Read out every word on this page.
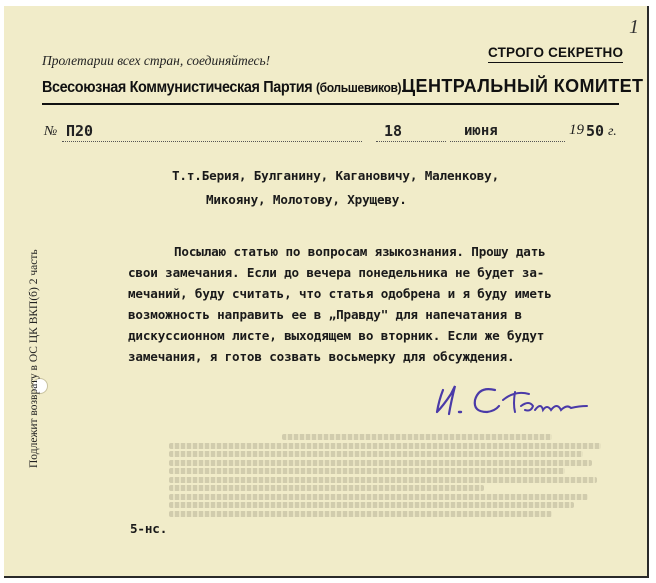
1
Пролетарии всех стран, соединяйтесь!
СТРОГО СЕКРЕТНО
Всесоюзная Коммунистическая Партия (большевиков).
ЦЕНТРАЛЬНЫЙ КОМИТЕТ
№ П20	18	июня	19 50 г.
Т.т.Берия, Булганину, Кагановичу, Маленкову,
Микояну, Молотову, Хрущеву.
Посылаю статью по вопросам языкознания. Прошу дать
свои замечания. Если до вечера понедельника не будет за-
мечаний, буду считать, что статья одобрена и я буду иметь
возможность направить ее в „Правду" для напечатания в
дискуссионном листе, выходящем во вторник. Если же будут
замечания, я готов созвать восьмерку для обсуждения.
Подлежит возврату в ОС ЦК ВКП(б) 2 часть
5-нс.
